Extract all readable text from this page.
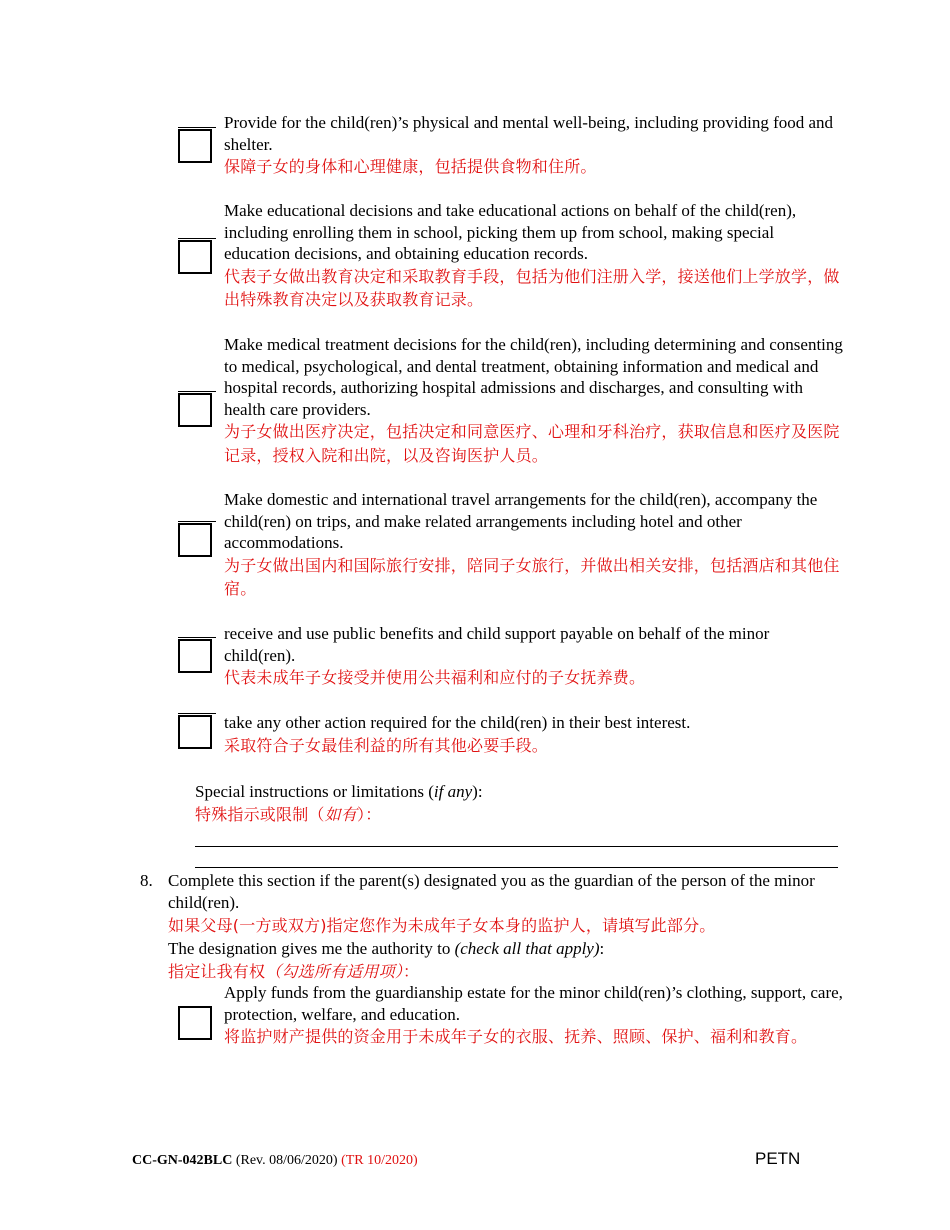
Provide for the child(ren)’s physical and mental well-being, including providing food and shelter.
保障子女的身体和心理健康，包括提供食物和住所。
Make educational decisions and take educational actions on behalf of the child(ren), including enrolling them in school, picking them up from school, making special education decisions, and obtaining education records.
代表子女做出教育决定和采取教育手段，包括为他们注册入学，接送他们上学放学，做出特殊教育决定以及获取教育记录。
Make medical treatment decisions for the child(ren), including determining and consenting to medical, psychological, and dental treatment, obtaining information and medical and hospital records, authorizing hospital admissions and discharges, and consulting with health care providers.
为子女做出医疗决定，包括决定和同意医疗、心理和牙科治疗，获取信息和医疗及医院记录，授权入院和出院，以及咨询医护人员。
Make domestic and international travel arrangements for the child(ren), accompany the child(ren) on trips, and make related arrangements including hotel and other accommodations.
为子女做出国内和国际旅行安排，陪同子女旅行，并做出相关安排，包括酒店和其他住宿。
receive and use public benefits and child support payable on behalf of the minor child(ren).
代表未成年子女接受并使用公共福利和应付的子女抚养费。
take any other action required for the child(ren) in their best interest.
采取符合子女最佳利益的所有其他必要手段。
Special instructions or limitations (if any):
特殊指示或限制（如有）：
8. Complete this section if the parent(s) designated you as the guardian of the person of the minor child(ren).
如果父母(一方或双方)指定您作为未成年子女本身的监护人，请填写此部分。
The designation gives me the authority to (check all that apply):
指定让我有权（勾选所有适用项）：
Apply funds from the guardianship estate for the minor child(ren)’s clothing, support, care, protection, welfare, and education.
将监护财产提供的资金用于未成年子女的衣服、抚养、照顾、保护、福利和教育。
CC-GN-042BLC (Rev. 08/06/2020) (TR 10/2020)	PETN
